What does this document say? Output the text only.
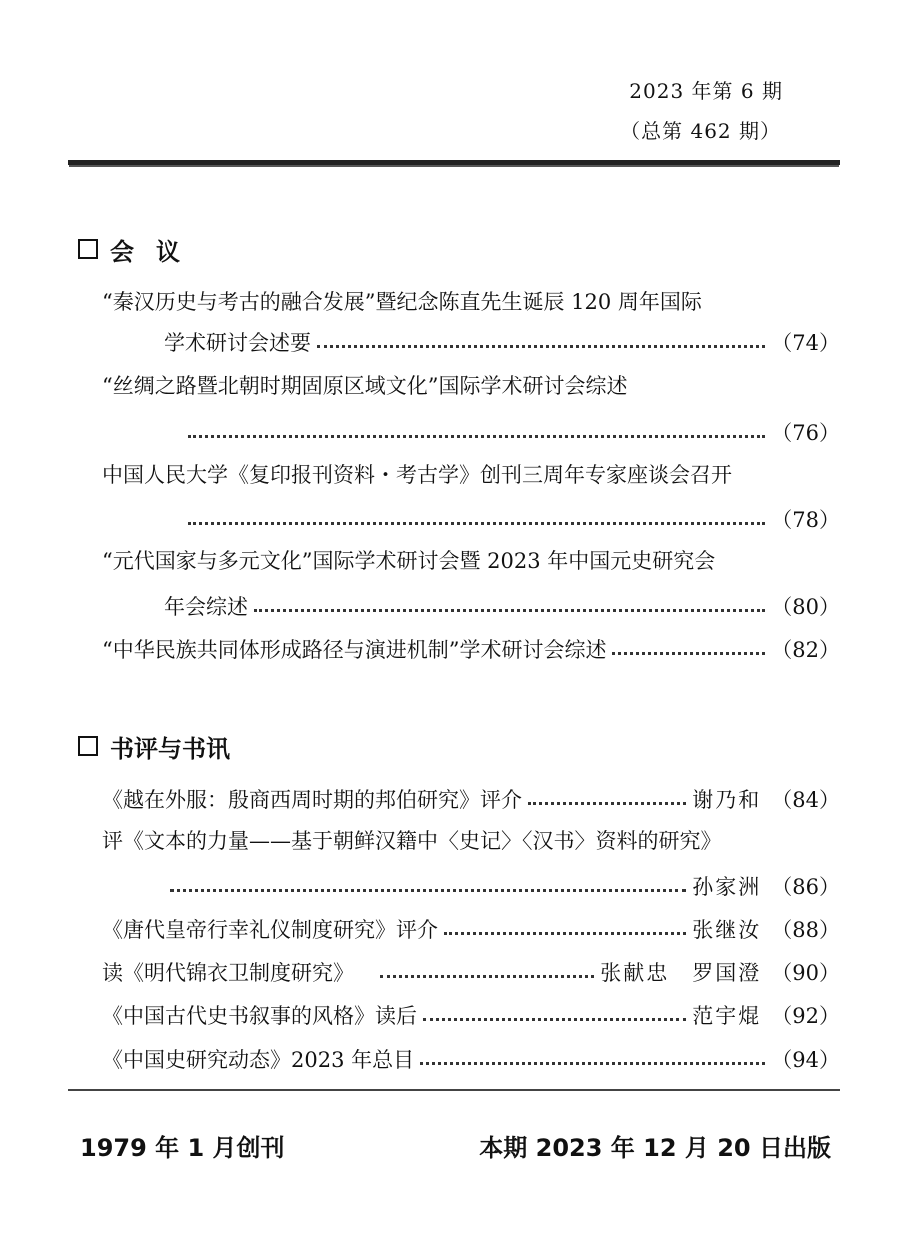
2023 年第 6 期
（总第 462 期）
会议
“秦汉历史与考古的融合发展”暨纪念陈直先生诞辰 120 周年国际
学术研讨会述要	（74）
“丝绸之路暨北朝时期固原区域文化”国际学术研讨会综述
（76）
中国人民大学《复印报刊资料・考古学》创刊三周年专家座谈会召开
（78）
“元代国家与多元文化”国际学术研讨会暨 2023 年中国元史研究会
年会综述	（80）
“中华民族共同体形成路径与演进机制”学术研讨会综述	（82）
书评与书讯
《越在外服：殷商西周时期的邦伯研究》评介	谢乃和 （84）
评《文本的力量——基于朝鲜汉籍中〈史记〉〈汉书〉资料的研究》
孙家洲 （86）
《唐代皇帝行幸礼仪制度研究》评介	张继汝 （88）
读《明代锦衣卫制度研究》	张献忠　罗国澄 （90）
《中国古代史书叙事的风格》读后	范宇焜 （92）
《中国史研究动态》2023 年总目	（94）
1979 年 1 月创刊	本期 2023 年 12 月 20 日出版
